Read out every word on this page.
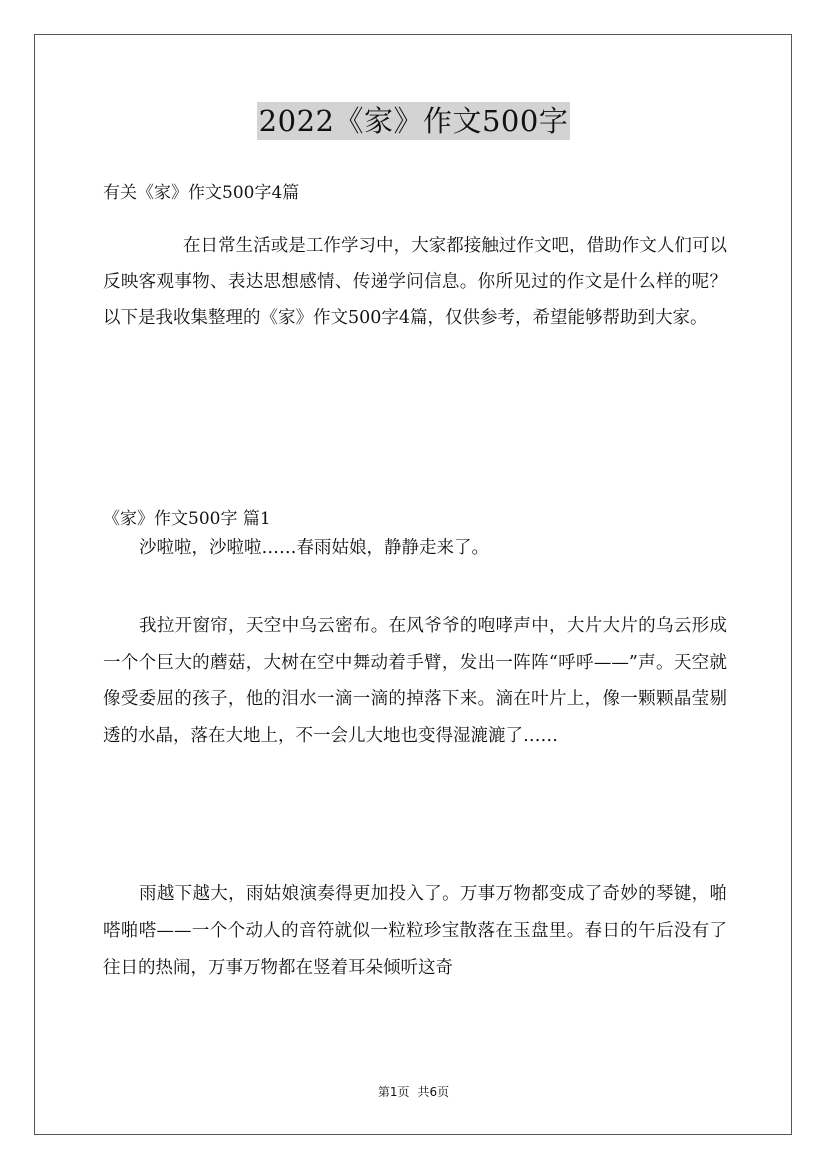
2022《家》作文500字
有关《家》作文500字4篇

在日常生活或是工作学习中，大家都接触过作文吧，借助作文人们可以反映客观事物、表达思想感情、传递学问信息。你所见过的作文是什么样的呢？以下是我收集整理的《家》作文500字4篇，仅供参考，希望能够帮助到大家。

《家》作文500字 篇1

沙啦啦，沙啦啦……春雨姑娘，静静走来了。

我拉开窗帘，天空中乌云密布。在风爷爷的咆哮声中，大片大片的乌云形成一个个巨大的蘑菇，大树在空中舞动着手臂，发出一阵阵“呼呼——”声。天空就像受委屈的孩子，他的泪水一滴一滴的掉落下来。滴在叶片上，像一颗颗晶莹剔透的水晶，落在大地上，不一会儿大地也变得湿漉漉了……

雨越下越大，雨姑娘演奏得更加投入了。万事万物都变成了奇妙的琴键，啪嗒啪嗒——一个个动人的音符就似一粒粒珍宝散落在玉盘里。春日的午后没有了往日的热闹，万事万物都在竖着耳朵倾听这奇

第1页 共6页
